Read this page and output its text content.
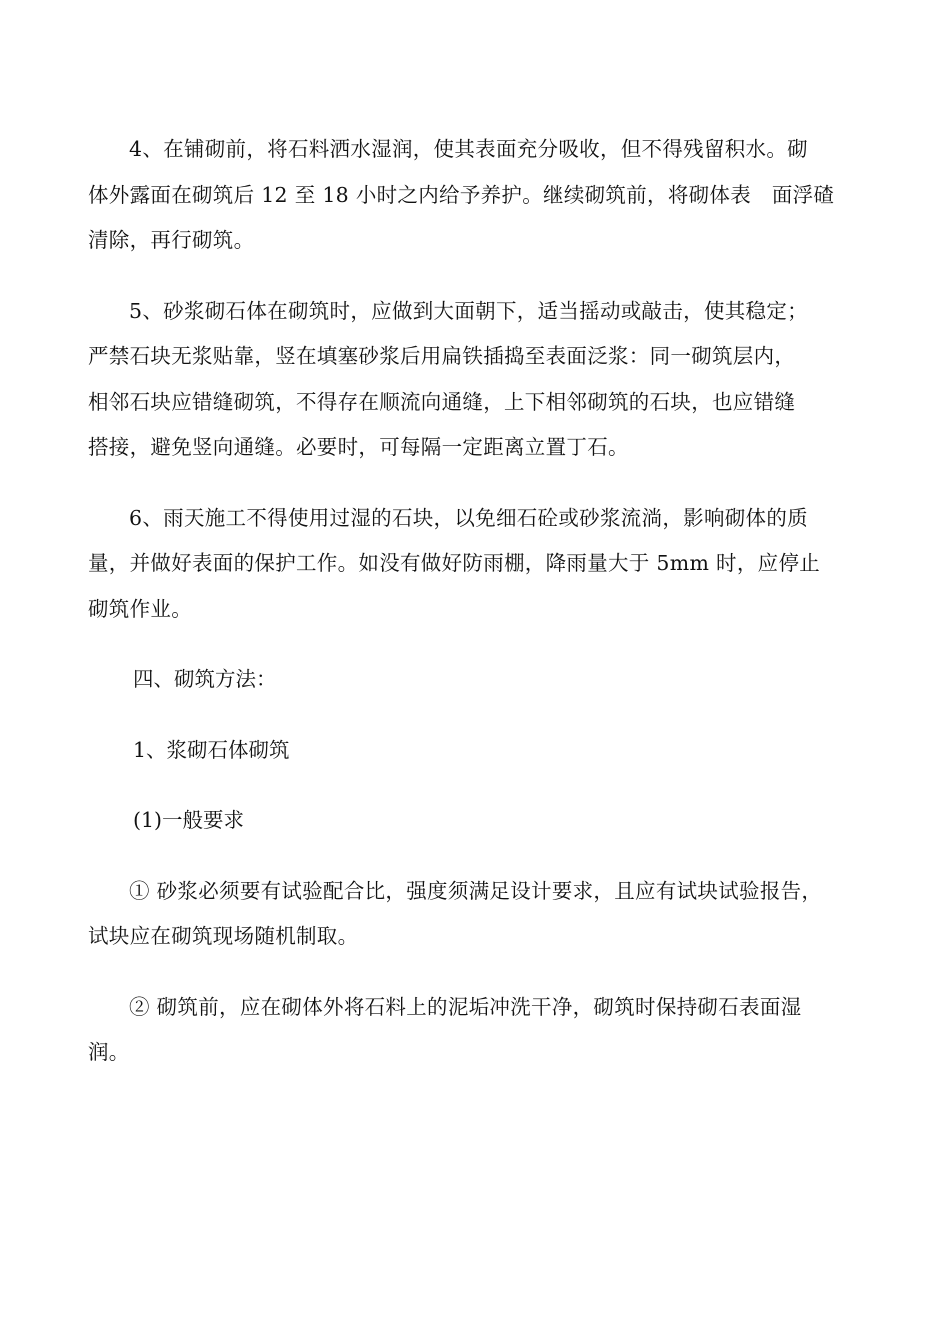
4、在铺砌前，将石料洒水湿润，使其表面充分吸收，但不得残留积水。砌
体外露面在砌筑后 12 至 18 小时之内给予养护。继续砌筑前，将砌体表　面浮碴
清除，再行砌筑。
5、砂浆砌石体在砌筑时，应做到大面朝下，适当摇动或敲击，使其稳定；
严禁石块无浆贴靠，竖在填塞砂浆后用扁铁插捣至表面泛浆：同一砌筑层内，
相邻石块应错缝砌筑，不得存在顺流向通缝，上下相邻砌筑的石块，也应错缝
搭接，避免竖向通缝。必要时，可每隔一定距离立置丁石。
6、雨天施工不得使用过湿的石块，以免细石砼或砂浆流淌，影响砌体的质
量，并做好表面的保护工作。如没有做好防雨棚，降雨量大于 5mm 时，应停止
砌筑作业。
四、砌筑方法：
1、浆砌石体砌筑
(1)一般要求
① 砂浆必须要有试验配合比，强度须满足设计要求，且应有试块试验报告，
试块应在砌筑现场随机制取。
② 砌筑前，应在砌体外将石料上的泥垢冲洗干净，砌筑时保持砌石表面湿
润。
